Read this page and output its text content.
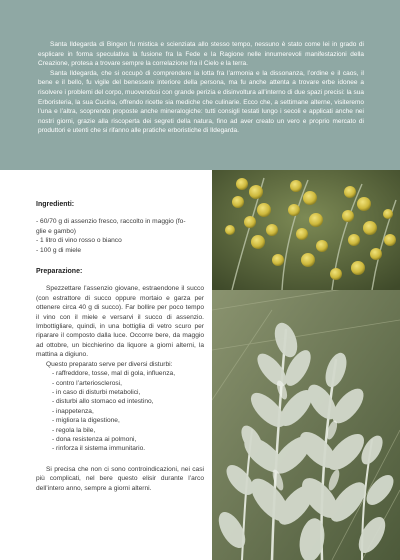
Santa Ildegarda di Bingen fu mistica e scienziata allo stesso tempo, nessuno è stato come lei in grado di esplicare in forma speculativa la fusione fra la Fede e la Ragione nelle innumerevoli manifestazioni della Creazione, protesa a trovare sempre la correlazione fra il Cielo e la terra.

Santa Ildegarda, che si occupò di comprendere la lotta fra l’armonia e la dissonanza, l’ordine e il caos, il bene e il bello, fu vigile del benessere interiore della persona, ma fu anche attenta a trovare erbe idonee a risolvere i problemi del corpo, muovendosi con grande perizia e disinvoltura all’interno di due spazi precisi: la sua Erboristeria, la sua Cucina, offrendo ricette sia mediche che culinarie. Ecco che, a settimane alterne, visiteremo l’una e l’altra, scoprendo proposte anche mineralogiche: tutti consigli testati lungo i secoli e applicati anche nei nostri giorni, grazie alla riscoperta dei segreti della natura, fino ad aver creato un vero e proprio mercato di produttori e utenti che si rifanno alle pratiche erboristiche di Ildegarda.

Ingredienti:
- 60/70 g di assenzio fresco, raccolto in maggio (fo-
glie e gambo)
- 1 litro di vino rosso o bianco
- 100 g di miele
Preparazione:

Spezzettare l’assenzio giovane, estraendone il succo (con estrattore di succo oppure mortaio e garza per ottenere circa 40 g di succo). Far bollire per poco tempo il vino con il miele e versarvi il succo di assenzio. Imbottigliare, quindi, in una bottiglia di vetro scuro per riparare il composto dalla luce. Occorre bere, da maggio ad ottobre, un bicchierino da liquore a giorni alterni, la mattina a digiuno.

Questo preparato serve per diversi disturbi:

- raffreddore, tosse, mal di gola, influenza,
- contro l’arteriosclerosi,
- in caso di disturbi metabolici,
- disturbi allo stomaco ed intestino,
- inappetenza,
- migliora la digestione,
- regola la bile,
- dona resistenza ai polmoni,
- rinforza il sistema immunitario.

Si precisa che non ci sono controindicazioni, nei casi più complicati, nel bere questo elisir durante l’arco dell’intero anno, sempre a giorni alterni.
